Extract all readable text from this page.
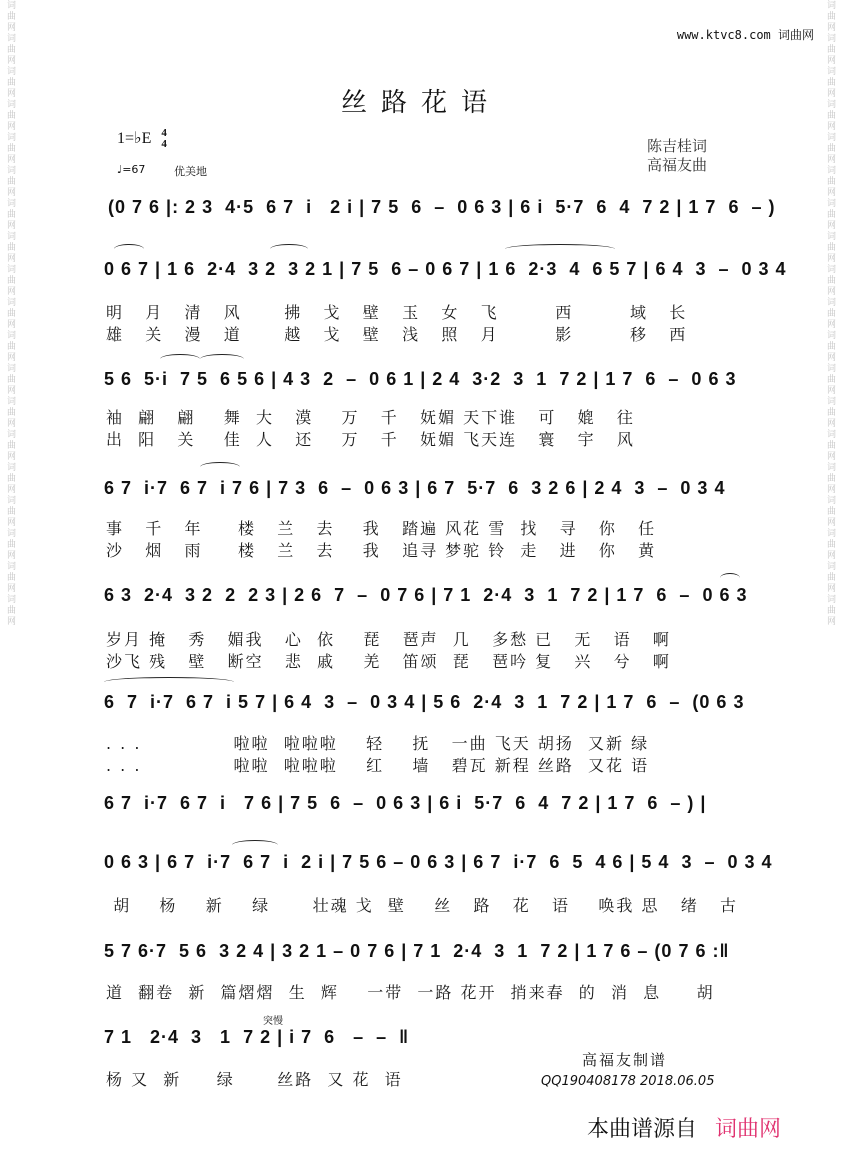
词曲网词曲网词曲网词曲网词曲网词曲网词曲网词曲网词曲网词曲网词曲网词曲网词曲网词曲网词曲网词曲网词曲网词曲网词曲网	词曲网词曲网词曲网词曲网词曲网词曲网词曲网词曲网词曲网词曲网词曲网词曲网词曲网词曲网词曲网词曲网词曲网词曲网词曲网
www.ktvc8.com 词曲网
丝路花语
1=♭E 4
4
♩=67	优美地
陈吉桂词
高福友曲
(0 7 6 |: 2 3  4·5  6 7  i   2 i | 7 5  6  –  0 6 3 | 6 i  5·7  6  4  7 2 | 1 7  6  – )
0 6 7 | 1 6  2·4  3 2  3 2 1 | 7 5  6 – 0 6 7 | 1 6  2·3  4  6 5 7 | 6 4  3  –  0 3 4
明   月   清   风      拂   戈   壁   玉   女   飞        西        域   长
雄   关   漫   道      越   戈   壁   浅   照   月        影        移   西
5 6  5·i  7 5  6 5 6 | 4 3  2  –  0 6 1 | 2 4  3·2  3  1  7 2 | 1 7  6  –  0 6 3
袖  翩   翩    舞  大   漠    万   千   妩媚 天下谁   可   媲   往
出  阳   关    佳  人   还    万   千   妩媚 飞天连   寰   宇   风
6 7  i·7  6 7  i 7 6 | 7 3  6  –  0 6 3 | 6 7  5·7  6  3 2 6 | 2 4  3  –  0 3 4
事   千   年     楼   兰   去    我   踏遍 风花 雪  找   寻   你   任
沙   烟   雨     楼   兰   去    我   追寻 梦驼 铃  走   进   你   黄
6 3  2·4  3 2  2  2 3 | 2 6  7  –  0 7 6 | 7 1  2·4  3  1  7 2 | 1 7  6  –  0 6 3
岁月 掩   秀   媚我   心  依    琵   琶声  几   多愁 已   无   语   啊
沙飞 残   壁   断空   悲  戚    羌   笛颂  琵   琶吟 复   兴   兮   啊
6  7  i·7  6 7  i 5 7 | 6 4  3  –  0 3 4 | 5 6  2·4  3  1  7 2 | 1 7  6  –  (0 6 3
. . .             啦啦  啦啦啦    轻    抚   一曲 飞天 胡扬  又新 绿
. . .             啦啦  啦啦啦    红    墙   碧瓦 新程 丝路  又花 语
6 7  i·7  6 7  i   7 6 | 7 5  6  –  0 6 3 | 6 i  5·7  6  4  7 2 | 1 7  6  – ) |
0 6 3 | 6 7  i·7  6 7  i  2 i | 7 5 6 – 0 6 3 | 6 7  i·7  6  5  4 6 | 5 4  3  –  0 3 4
胡    杨    新    绿      壮魂 戈  壁    丝   路   花   语    唤我 思   绪   古
5 7 6·7  5 6  3 2 4 | 3 2 1 – 0 7 6 | 7 1  2·4  3  1  7 2 | 1 7 6 – (0 7 6 :‖
道  翻卷  新  篇熠熠  生  辉    一带  一路 花开  捎来春  的  消  息     胡
突慢
7 1   2·4  3   1  7 2 | i 7  6   –  –  ‖
杨 又  新     绿      丝路  又 花  语
高福友制谱
QQ190408178 2018.06.05
本曲谱源自 词曲网
